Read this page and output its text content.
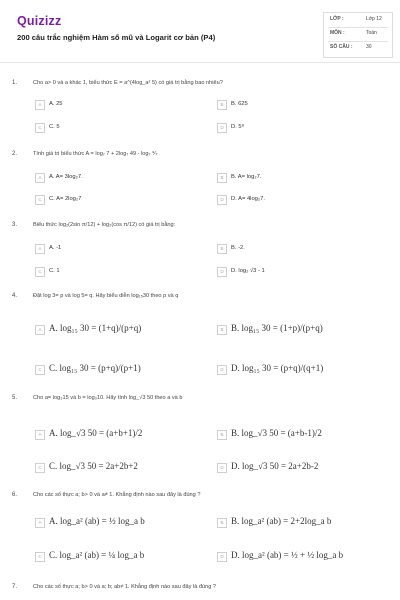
Quizizz
200 câu trắc nghiệm Hàm số mũ và Logarit cơ bản (P4)
LỚP :	Lớp 12
MÔN :	Toán
SỐ CÂU :	30
1.	Cho a> 0 và a khác 1, biểu thức E = a^(4log_a² 5) có giá trị bằng bao nhiêu?
A	A. 25	B	B. 625
C	C. 5	D	D. 5⁸
2.	Tính giá trị biểu thức A = log₇ 7 + 2log₇ 49 - log₇ ⅐
A	A. A= 3log₂7.	B	B. A= log₂7.
C	C. A= 2log₂7	D	D. A= 4log₂7.
3.	Biểu thức log₂(2sin π/12) + log₂(cos π/12) có giá trị bằng:
A	A. -1	B	B. -2.
C	C. 1	D	D. log₂ √3 - 1
4.	Đặt log 3= p và log 5= q. Hãy biểu diễn log₁₅30 theo p và q
A A. log₁₅ 30 = (1+q)/(p+q)	B B. log₁₅ 30 = (1+p)/(p+q)
C C. log₁₅ 30 = (p+q)/(p+1)	D D. log₁₅ 30 = (p+q)/(q+1)
5.	Cho a= log₃15 và b = log₃10. Hãy tính log_√3 50 theo a và b
A A. log_√3 50 = (a+b+1)/2	B B. log_√3 50 = (a+b-1)/2
C C. log_√3 50 = 2a+2b+2	D D. log_√3 50 = 2a+2b-2
6.	Cho các số thực a; b> 0 và a≠ 1. Khẳng định nào sau đây là đúng ?
A A. log_a² (ab) = ½ log_a b	B B. log_a² (ab) = 2+2log_a b
C C. log_a² (ab) = ¼ log_a b	D D. log_a² (ab) = ½ + ½ log_a b
7.	Cho các số thực a; b> 0 và a; b; ab≠ 1. Khẳng định nào sau đây là đúng ?
